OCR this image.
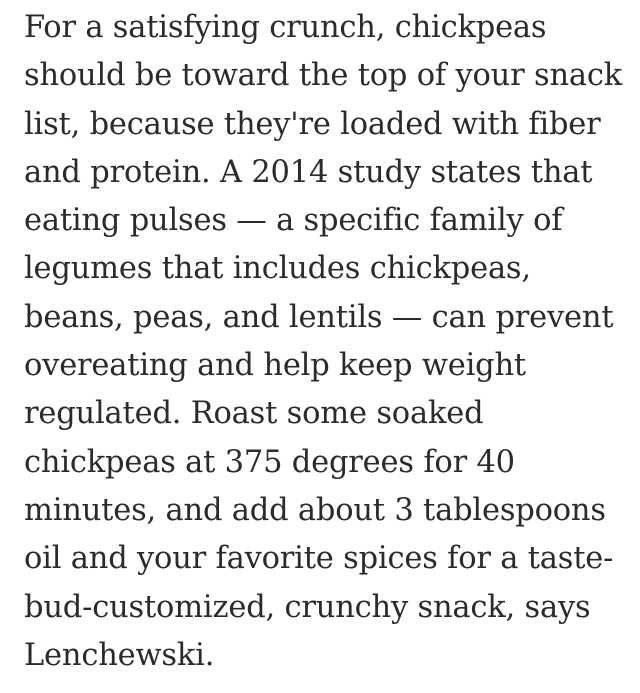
For a satisfying crunch, chickpeas
should be toward the top of your snack
list, because they're loaded with fiber
and protein. A 2014 study states that
eating pulses — a specific family of
legumes that includes chickpeas,
beans, peas, and lentils — can prevent
overeating and help keep weight
regulated. Roast some soaked
chickpeas at 375 degrees for 40
minutes, and add about 3 tablespoons
oil and your favorite spices for a taste-
bud-customized, crunchy snack, says
Lenchewski.
